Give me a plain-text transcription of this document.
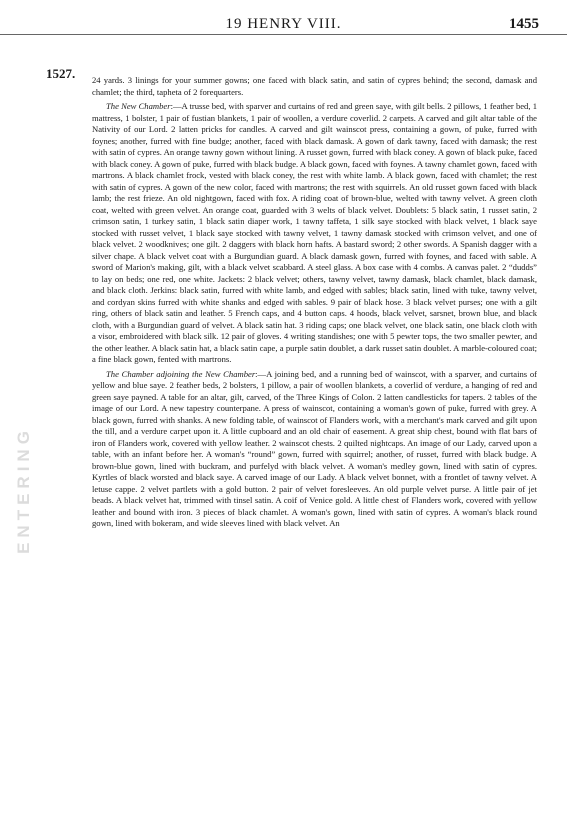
19 HENRY VIII.	1455
1527.
ENTERING

24 yards. 3 linings for your summer gowns; one faced with black satin, and satin of cypres behind; the second, damask and chamlet; the third, tapheta of 2 forequarters.

The New Chamber:—A trusse bed, with sparver and curtains of red and green saye, with gilt bells. 2 pillows, 1 feather bed, 1 mattress, 1 bolster, 1 pair of fustian blankets, 1 pair of woollen, a verdure coverlid. 2 carpets. A carved and gilt altar table of the Nativity of our Lord. 2 latten pricks for candles. A carved and gilt wainscot press, containing a gown, of puke, furred with foynes; another, furred with fine budge; another, faced with black damask. A gown of dark tawny, faced with damask; the rest with satin of cypres. An orange tawny gown without lining. A russet gown, furred with black coney. A gown of black puke, faced with black coney. A gown of puke, furred with black budge. A black gown, faced with foynes. A tawny chamlet gown, faced with martrons. A black chamlet frock, vested with black coney, the rest with white lamb. A black gown, faced with chamlet; the rest with satin of cypres. A gown of the new color, faced with martrons; the rest with squirrels. An old russet gown faced with black lamb; the rest frieze. An old nightgown, faced with fox. A riding coat of brown-blue, welted with tawny velvet. A green cloth coat, welted with green velvet. An orange coat, guarded with 3 welts of black velvet. Doublets: 5 black satin, 1 russet satin, 2 crimson satin, 1 turkey satin, 1 black satin diaper work, 1 tawny taffeta, 1 silk saye stocked with black velvet, 1 black saye stocked with russet velvet, 1 black saye stocked with tawny velvet, 1 tawny damask stocked with crimson velvet, and one of black velvet. 2 woodknives; one gilt. 2 daggers with black horn hafts. A bastard sword; 2 other swords. A Spanish dagger with a silver chape. A black velvet coat with a Burgundian guard. A black damask gown, furred with foynes, and faced with sable. A sword of Marion's making, gilt, with a black velvet scabbard. A steel glass. A box case with 4 combs. A canvas palet. 2 “dudds” to lay on beds; one red, one white. Jackets: 2 black velvet; others, tawny velvet, tawny damask, black chamlet, black damask, and black cloth. Jerkins: black satin, furred with white lamb, and edged with sables; black satin, lined with tuke, tawny velvet, and cordyan skins furred with white shanks and edged with sables. 9 pair of black hose. 3 black velvet purses; one with a gilt ring, others of black satin and leather. 5 French caps, and 4 button caps. 4 hoods, black velvet, sarsnet, brown blue, and black cloth, with a Burgundian guard of velvet. A black satin hat. 3 riding caps; one black velvet, one black satin, one black cloth with a visor, embroidered with black silk. 12 pair of gloves. 4 writing standishes; one with 5 pewter tops, the two smaller pewter, and the other leather. A black satin hat, a black satin cape, a purple satin doublet, a dark russet satin doublet. A marble-coloured coat; a fine black gown, fented with martrons.

The Chamber adjoining the New Chamber:—A joining bed, and a running bed of wainscot, with a sparver, and curtains of yellow and blue saye. 2 feather beds, 2 bolsters, 1 pillow, a pair of woollen blankets, a coverlid of verdure, a hanging of red and green saye payned. A table for an altar, gilt, carved, of the Three Kings of Colon. 2 latten candlesticks for tapers. 2 tables of the image of our Lord. A new tapestry counterpane. A press of wainscot, containing a woman's gown of puke, furred with grey. A black gown, furred with shanks. A new folding table, of wainscot of Flanders work, with a merchant's mark carved and gilt upon the till, and a verdure carpet upon it. A little cupboard and an old chair of easement. A great ship chest, bound with flat bars of iron of Flanders work, covered with yellow leather. 2 wainscot chests. 2 quilted nightcaps. An image of our Lady, carved upon a table, with an infant before her. A woman's “round” gown, furred with squirrel; another, of russet, furred with black budge. A brown-blue gown, lined with buckram, and purfelyd with black velvet. A woman's medley gown, lined with satin of cypres. Kyrtles of black worsted and black saye. A carved image of our Lady. A black velvet bonnet, with a frontlet of tawny velvet. A letuse cappe. 2 velvet partlets with a gold button. 2 pair of velvet foresleeves. An old purple velvet purse. A little pair of jet beads. A black velvet hat, trimmed with tinsel satin. A coif of Venice gold. A little chest of Flanders work, covered with yellow leather and bound with iron. 3 pieces of black chamlet. A woman's gown, lined with satin of cypres. A woman's black round gown, lined with bokeram, and wide sleeves lined with black velvet. An
